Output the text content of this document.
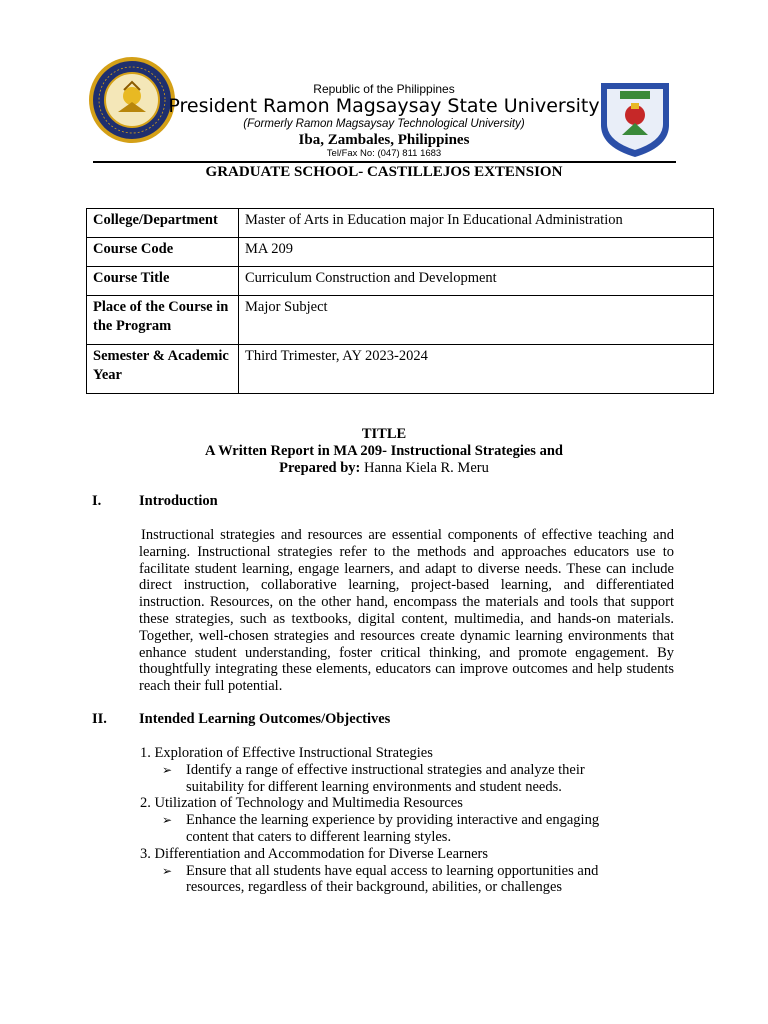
Republic of the Philippines
President Ramon Magsaysay State University
(Formerly Ramon Magsaysay Technological University)
Iba, Zambales, Philippines
Tel/Fax No: (047) 811 1683
GRADUATE SCHOOL- CASTILLEJOS EXTENSION
College/Department	Master of Arts in Education major In Educational Administration
Course Code	MA 209
Course Title	Curriculum Construction and Development
Place of the Course in the Program	Major Subject
Semester & Academic Year	Third Trimester, AY 2023-2024
TITLE
A Written Report in MA 209- Instructional Strategies and
Prepared by: Hanna Kiela R. Meru
I.	Introduction
Instructional strategies and resources are essential components of effective teaching and learning. Instructional strategies refer to the methods and approaches educators use to facilitate student learning, engage learners, and adapt to diverse needs. These can include direct instruction, collaborative learning, project-based learning, and differentiated instruction. Resources, on the other hand, encompass the materials and tools that support these strategies, such as textbooks, digital content, multimedia, and hands-on materials. Together, well-chosen strategies and resources create dynamic learning environments that enhance student understanding, foster critical thinking, and promote engagement. By thoughtfully integrating these elements, educators can improve outcomes and help students reach their full potential.
II. Intended Learning Outcomes/Objectives
1. Exploration of Effective Instructional Strategies
➢ Identify a range of effective instructional strategies and analyze their
suitability for different learning environments and student needs.
2. Utilization of Technology and Multimedia Resources
➢ Enhance the learning experience by providing interactive and engaging
content that caters to different learning styles.
3. Differentiation and Accommodation for Diverse Learners
➢ Ensure that all students have equal access to learning opportunities and
resources, regardless of their background, abilities, or challenges
